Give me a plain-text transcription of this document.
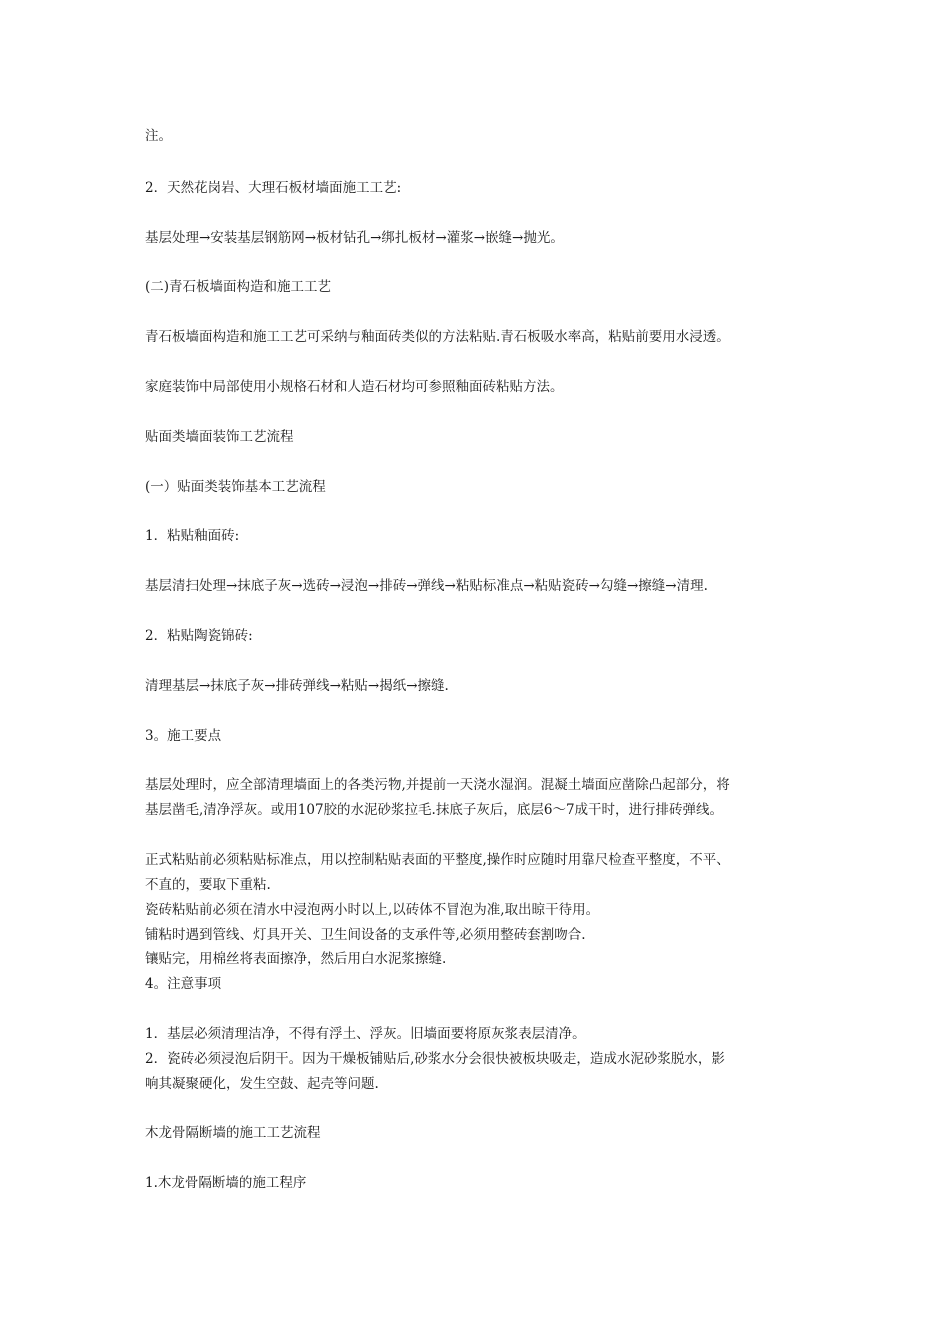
注。
2．天然花岗岩、大理石板材墙面施工工艺:
基层处理→安装基层钢筋网→板材钻孔→绑扎板材→灌浆→嵌缝→抛光。
(二)青石板墙面构造和施工工艺
青石板墙面构造和施工工艺可采纳与釉面砖类似的方法粘贴.青石板吸水率高，粘贴前要用水浸透。
家庭装饰中局部使用小规格石材和人造石材均可参照釉面砖粘贴方法。
贴面类墙面装饰工艺流程
(一）贴面类装饰基本工艺流程
1．粘贴釉面砖:
基层清扫处理→抹底子灰→选砖→浸泡→排砖→弹线→粘贴标准点→粘贴瓷砖→勾缝→擦缝→清理.
2．粘贴陶瓷锦砖:
清理基层→抹底子灰→排砖弹线→粘贴→揭纸→擦缝.
3。施工要点
基层处理时，应全部清理墙面上的各类污物,并提前一天浇水湿润。混凝土墙面应凿除凸起部分，将
基层凿毛,清净浮灰。或用107胶的水泥砂浆拉毛.抹底子灰后，底层6～7成干时，进行排砖弹线。
正式粘贴前必须粘贴标准点，用以控制粘贴表面的平整度,操作时应随时用靠尺检查平整度，不平、
不直的，要取下重粘.
瓷砖粘贴前必须在清水中浸泡两小时以上,以砖体不冒泡为准,取出晾干待用。
铺粘时遇到管线、灯具开关、卫生间设备的支承件等,必须用整砖套割吻合.
镶贴完，用棉丝将表面擦净，然后用白水泥浆擦缝.
4。注意事项
1．基层必须清理洁净，不得有浮土、浮灰。旧墙面要将原灰浆表层清净。
2．瓷砖必须浸泡后阴干。因为干燥板铺贴后,砂浆水分会很快被板块吸走，造成水泥砂浆脱水，影
响其凝聚硬化，发生空鼓、起壳等问题.
木龙骨隔断墙的施工工艺流程
1.木龙骨隔断墙的施工程序
